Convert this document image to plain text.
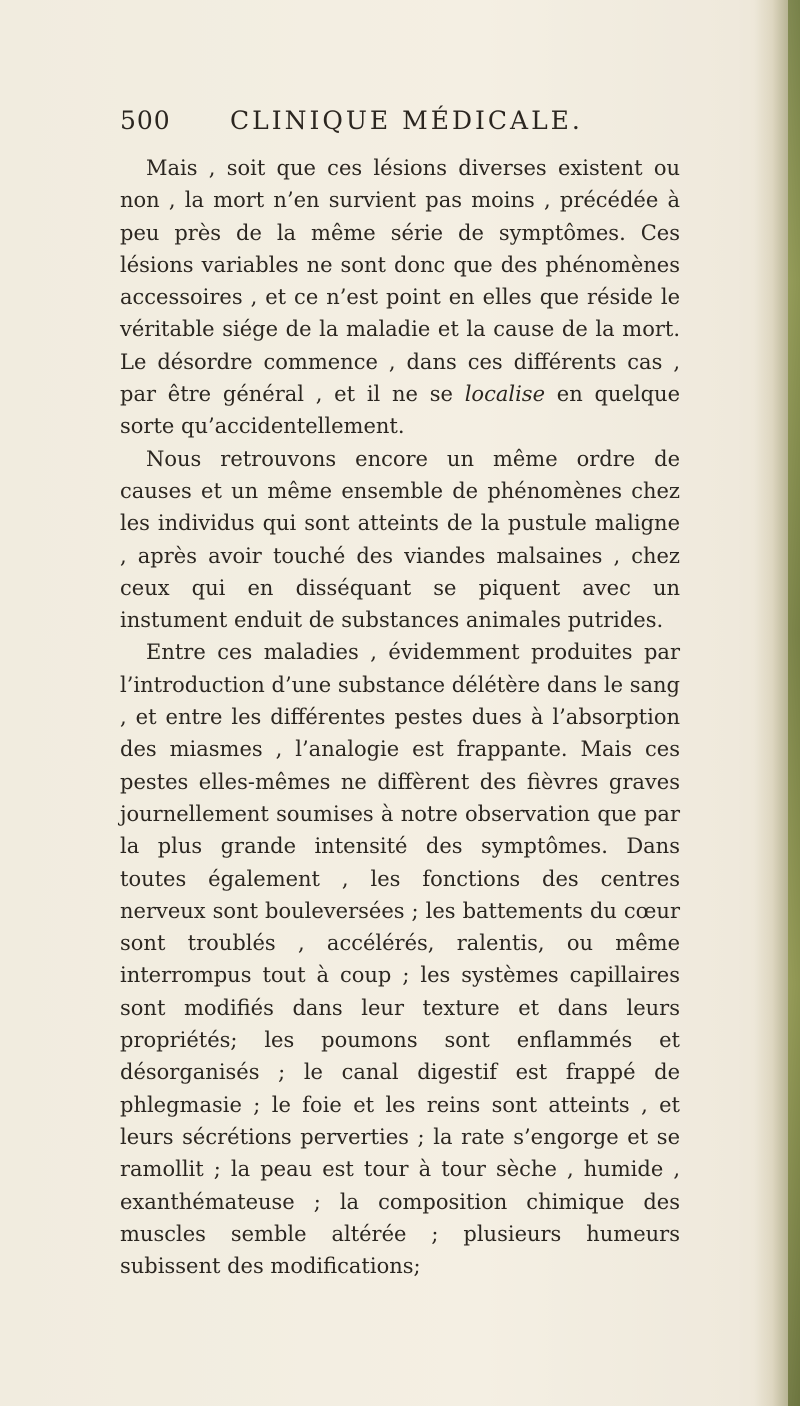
500 CLINIQUE MÉDICALE.

Mais , soit que ces lésions diverses existent ou non , la mort n’en survient pas moins , précédée à peu près de la même série de symptômes. Ces lésions variables ne sont donc que des phénomènes accessoires , et ce n’est point en elles que réside le véritable siége de la maladie et la cause de la mort. Le désordre commence , dans ces différents cas , par être général , et il ne se localise en quelque sorte qu’accidentellement.

Nous retrouvons encore un même ordre de causes et un même ensemble de phénomènes chez les individus qui sont atteints de la pustule maligne , après avoir touché des viandes malsaines , chez ceux qui en disséquant se piquent avec un instument enduit de substances animales putrides.

Entre ces maladies , évidemment produites par l’introduction d’une substance délétère dans le sang , et entre les différentes pestes dues à l’absorption des miasmes , l’analogie est frappante. Mais ces pestes elles-mêmes ne diffèrent des fièvres graves journellement soumises à notre observation que par la plus grande intensité des symptômes. Dans toutes également , les fonctions des centres nerveux sont bouleversées ; les battements du cœur sont troublés , accélérés, ralentis, ou même interrompus tout à coup ; les systèmes capillaires sont modifiés dans leur texture et dans leurs propriétés; les poumons sont enflammés et désorganisés ; le canal digestif est frappé de phlegmasie ; le foie et les reins sont atteints , et leurs sécrétions perverties ; la rate s’engorge et se ramollit ; la peau est tour à tour sèche , humide , exanthémateuse ; la composition chimique des muscles semble altérée ; plusieurs humeurs subissent des modifications;
